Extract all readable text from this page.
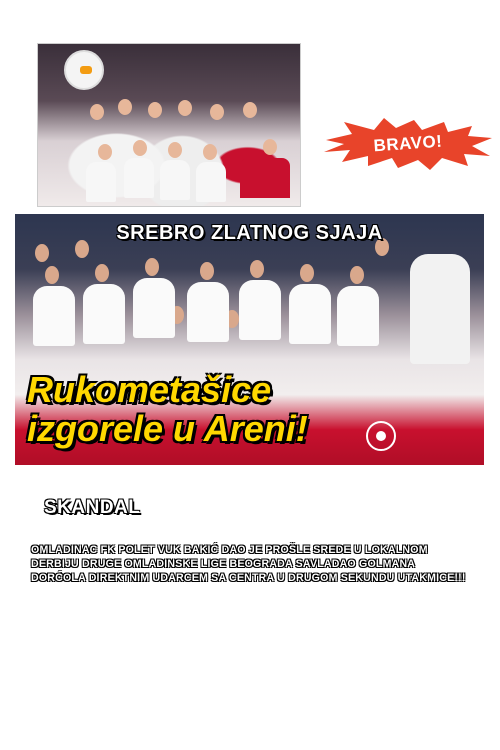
BRAVO!
SREBRO ZLATNOG SJAJA
Rukometašice
izgorele u Areni!
SKANDAL
OMLADINAC FK POLET VUK BAKIĆ DAO JE PROŠLE SREDE U LOKALNOM
DERBIJU DRUGE OMLADINSKE LIGE BEOGRADA SAVLADAO GOLMANA
DORĆOLA DIREKTNIM UDARCEM SA CENTRA U DRUGOM SEKUNDU UTAKMICE!!!
